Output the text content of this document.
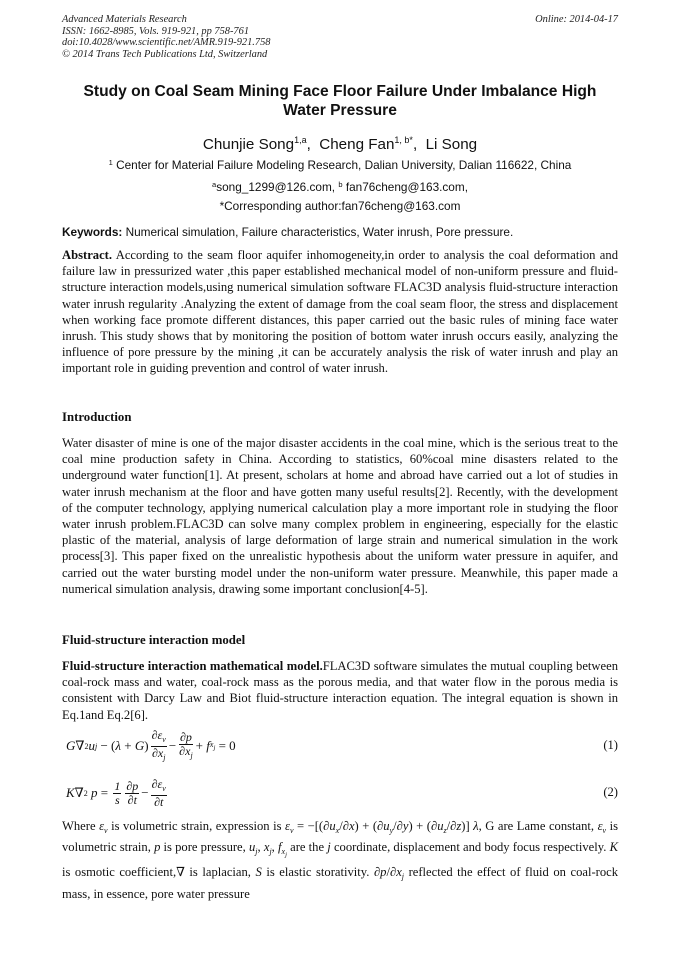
Advanced Materials Research
ISSN: 1662-8985, Vols. 919-921, pp 758-761
doi:10.4028/www.scientific.net/AMR.919-921.758
© 2014 Trans Tech Publications Ltd, Switzerland
Online: 2014-04-17
Study on Coal Seam Mining Face Floor Failure Under Imbalance High Water Pressure
Chunjie Song$^{1,a}$,  Cheng Fan$^{1, b*}$,  Li Song
$^1$ Center for Material Failure Modeling Research, Dalian University, Dalian 116622, China
$^a$song_1299@126.com, $^b$ fan76cheng@163.com,
*Corresponding author:fan76cheng@163.com
Keywords: Numerical simulation, Failure characteristics, Water inrush, Pore pressure.
Abstract. According to the seam floor aquifer inhomogeneity,in order to analysis the coal deformation and failure law in pressurized water ,this paper established mechanical model of non-uniform pressure and fluid-structure interaction models,using numerical simulation software FLAC3D analysis fluid-structure interaction water inrush regularity .Analyzing the extent of damage from the coal seam floor, the stress and displacement when working face promote different distances, this paper carried out the basic rules of mining face water inrush. This study shows that by monitoring the position of bottom water inrush occurs easily, analyzing the influence of pore pressure by the mining ,it can be accurately analysis the risk of water inrush and play an important role in guiding prevention and control of water inrush.
Introduction
Water disaster of mine is one of the major disaster accidents in the coal mine, which is the serious treat to the coal mine production safety in China. According to statistics, 60%coal mine disasters related to the underground water function[1]. At present, scholars at home and abroad have carried out a lot of studies in water inrush mechanism at the floor and have gotten many useful results[2]. Recently, with the development of the computer technology, applying numerical calculation play a more important role in studying the floor water inrush problem.FLAC3D can solve many complex problem in engineering, especially for the elastic plastic of the material, analysis of large deformation of large strain and numerical simulation in the work process[3]. This paper fixed on the unrealistic hypothesis about the uniform water pressure in aquifer, and carried out the water bursting model under the non-uniform water pressure. Meanwhile, this paper made a numerical simulation analysis, drawing some important conclusion[4-5].
Fluid-structure interaction model
Fluid-structure interaction mathematical model.FLAC3D software simulates the mutual coupling between coal-rock mass and water, coal-rock mass as the porous media, and that water flow in the porous media is consistent with Darcy Law and Biot fluid-structure interaction equation. The integral equation is shown in Eq.1and Eq.2[6].
G ∇ 2 u j − ( λ + G ) $\frac{\partial\varepsilon_v}{\partial x_j} - \frac{\partial p}{\partial x_j} + f$ $x_j = 0$	(1)
K ∇ 2 $p = \frac{1}{s} \frac{\partial p}{\partial t} - \frac{\partial\varepsilon_v}{\partial t}$	(2)
Where $\varepsilon_v$ is volumetric strain, expression is $\varepsilon_v = -[(\partial u_x/\partial x) + (\partial u_y/\partial y) + (\partial u_z/\partial z)]$ λ, G are Lame constant, $\varepsilon_v$ is volumetric strain, p is pore pressure, $u_j$, $x_j$, $f_{x_j}$ are the j coordinate, displacement and body focus respectively. K is osmotic coefficient,∇ is laplacian, S is elastic storativity. $\partial p/\partial x_j$ reflected the effect of fluid on coal-rock mass, in essence, pore water pressure
